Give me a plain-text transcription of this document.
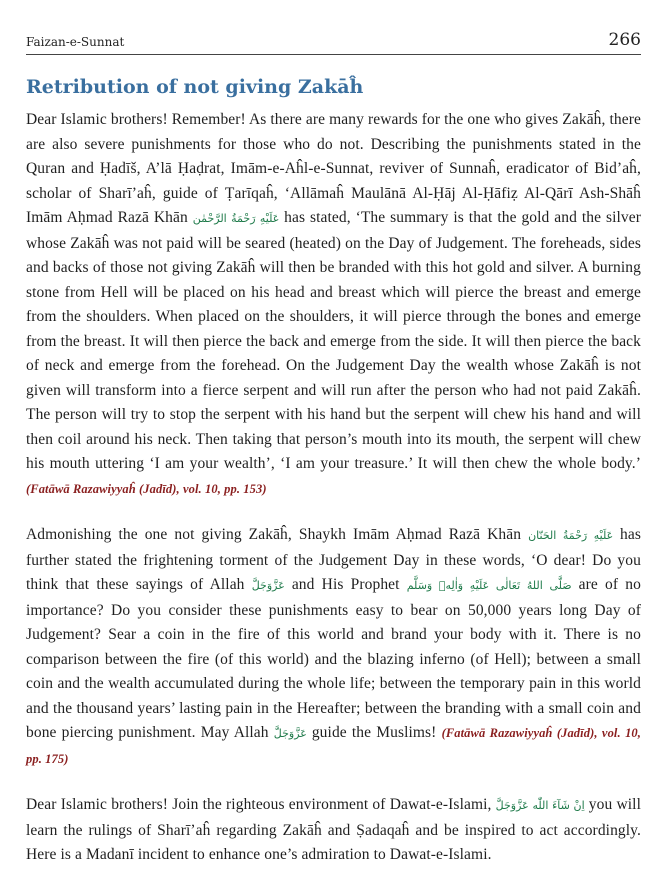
Faizan-e-Sunnat	266
Retribution of not giving Zakāĥ

Dear Islamic brothers! Remember! As there are many rewards for the one who gives Zakāĥ, there are also severe punishments for those who do not. Describing the punishments stated in the Quran and Ḥadīš, A’lā Ḥaḍrat, Imām-e-Aĥl-e-Sunnat, reviver of Sunnaĥ, eradicator of Bid’aĥ, scholar of Sharī’aĥ, guide of Ṭarīqaĥ, ‘Allāmaĥ Maulānā Al-Ḥāj Al-Ḥāfiẓ Al-Qārī Ash-Shāĥ Imām Aḥmad Razā Khān عَلَيْهِ رَحْمَةُ الرَّحْمٰن has stated, ‘The summary is that the gold and the silver whose Zakāĥ was not paid will be seared (heated) on the Day of Judgement. The foreheads, sides and backs of those not giving Zakāĥ will then be branded with this hot gold and silver. A burning stone from Hell will be placed on his head and breast which will pierce the breast and emerge from the shoulders. When placed on the shoulders, it will pierce through the bones and emerge from the breast. It will then pierce the back and emerge from the side. It will then pierce the back of neck and emerge from the forehead. On the Judgement Day the wealth whose Zakāĥ is not given will transform into a fierce serpent and will run after the person who had not paid Zakāĥ. The person will try to stop the serpent with his hand but the serpent will chew his hand and will then coil around his neck. Then taking that person’s mouth into its mouth, the serpent will chew his mouth uttering ‘I am your wealth’, ‘I am your treasure.’ It will then chew the whole body.’ (Fatāwā Razawiyyaĥ (Jadīd), vol. 10, pp. 153)

Admonishing the one not giving Zakāĥ, Shaykh Imām Aḥmad Razā Khān عَلَيْهِ رَحْمَةُ الحَنّان has further stated the frightening torment of the Judgement Day in these words, ‘O dear! Do you think that these sayings of Allah عَزَّوَجَلَّ and His Prophet صَلَّى اللهُ تَعَالٰى عَلَيْهِ وَاٰلِهٖ وَسَلَّم are of no importance? Do you consider these punishments easy to bear on 50,000 years long Day of Judgement? Sear a coin in the fire of this world and brand your body with it. There is no comparison between the fire (of this world) and the blazing inferno (of Hell); between a small coin and the wealth accumulated during the whole life; between the temporary pain in this world and the thousand years’ lasting pain in the Hereafter; between the branding with a small coin and bone piercing punishment. May Allah عَزَّوَجَلَّ guide the Muslims! (Fatāwā Razawiyyaĥ (Jadīd), vol. 10, pp. 175)

Dear Islamic brothers! Join the righteous environment of Dawat-e-Islami, اِنْ شَآءَ اللّٰه عَزَّوَجَلَّ you will learn the rulings of Sharī’aĥ regarding Zakāĥ and Ṣadaqaĥ and be inspired to act accordingly. Here is a Madanī incident to enhance one’s admiration to Dawat-e-Islami.
